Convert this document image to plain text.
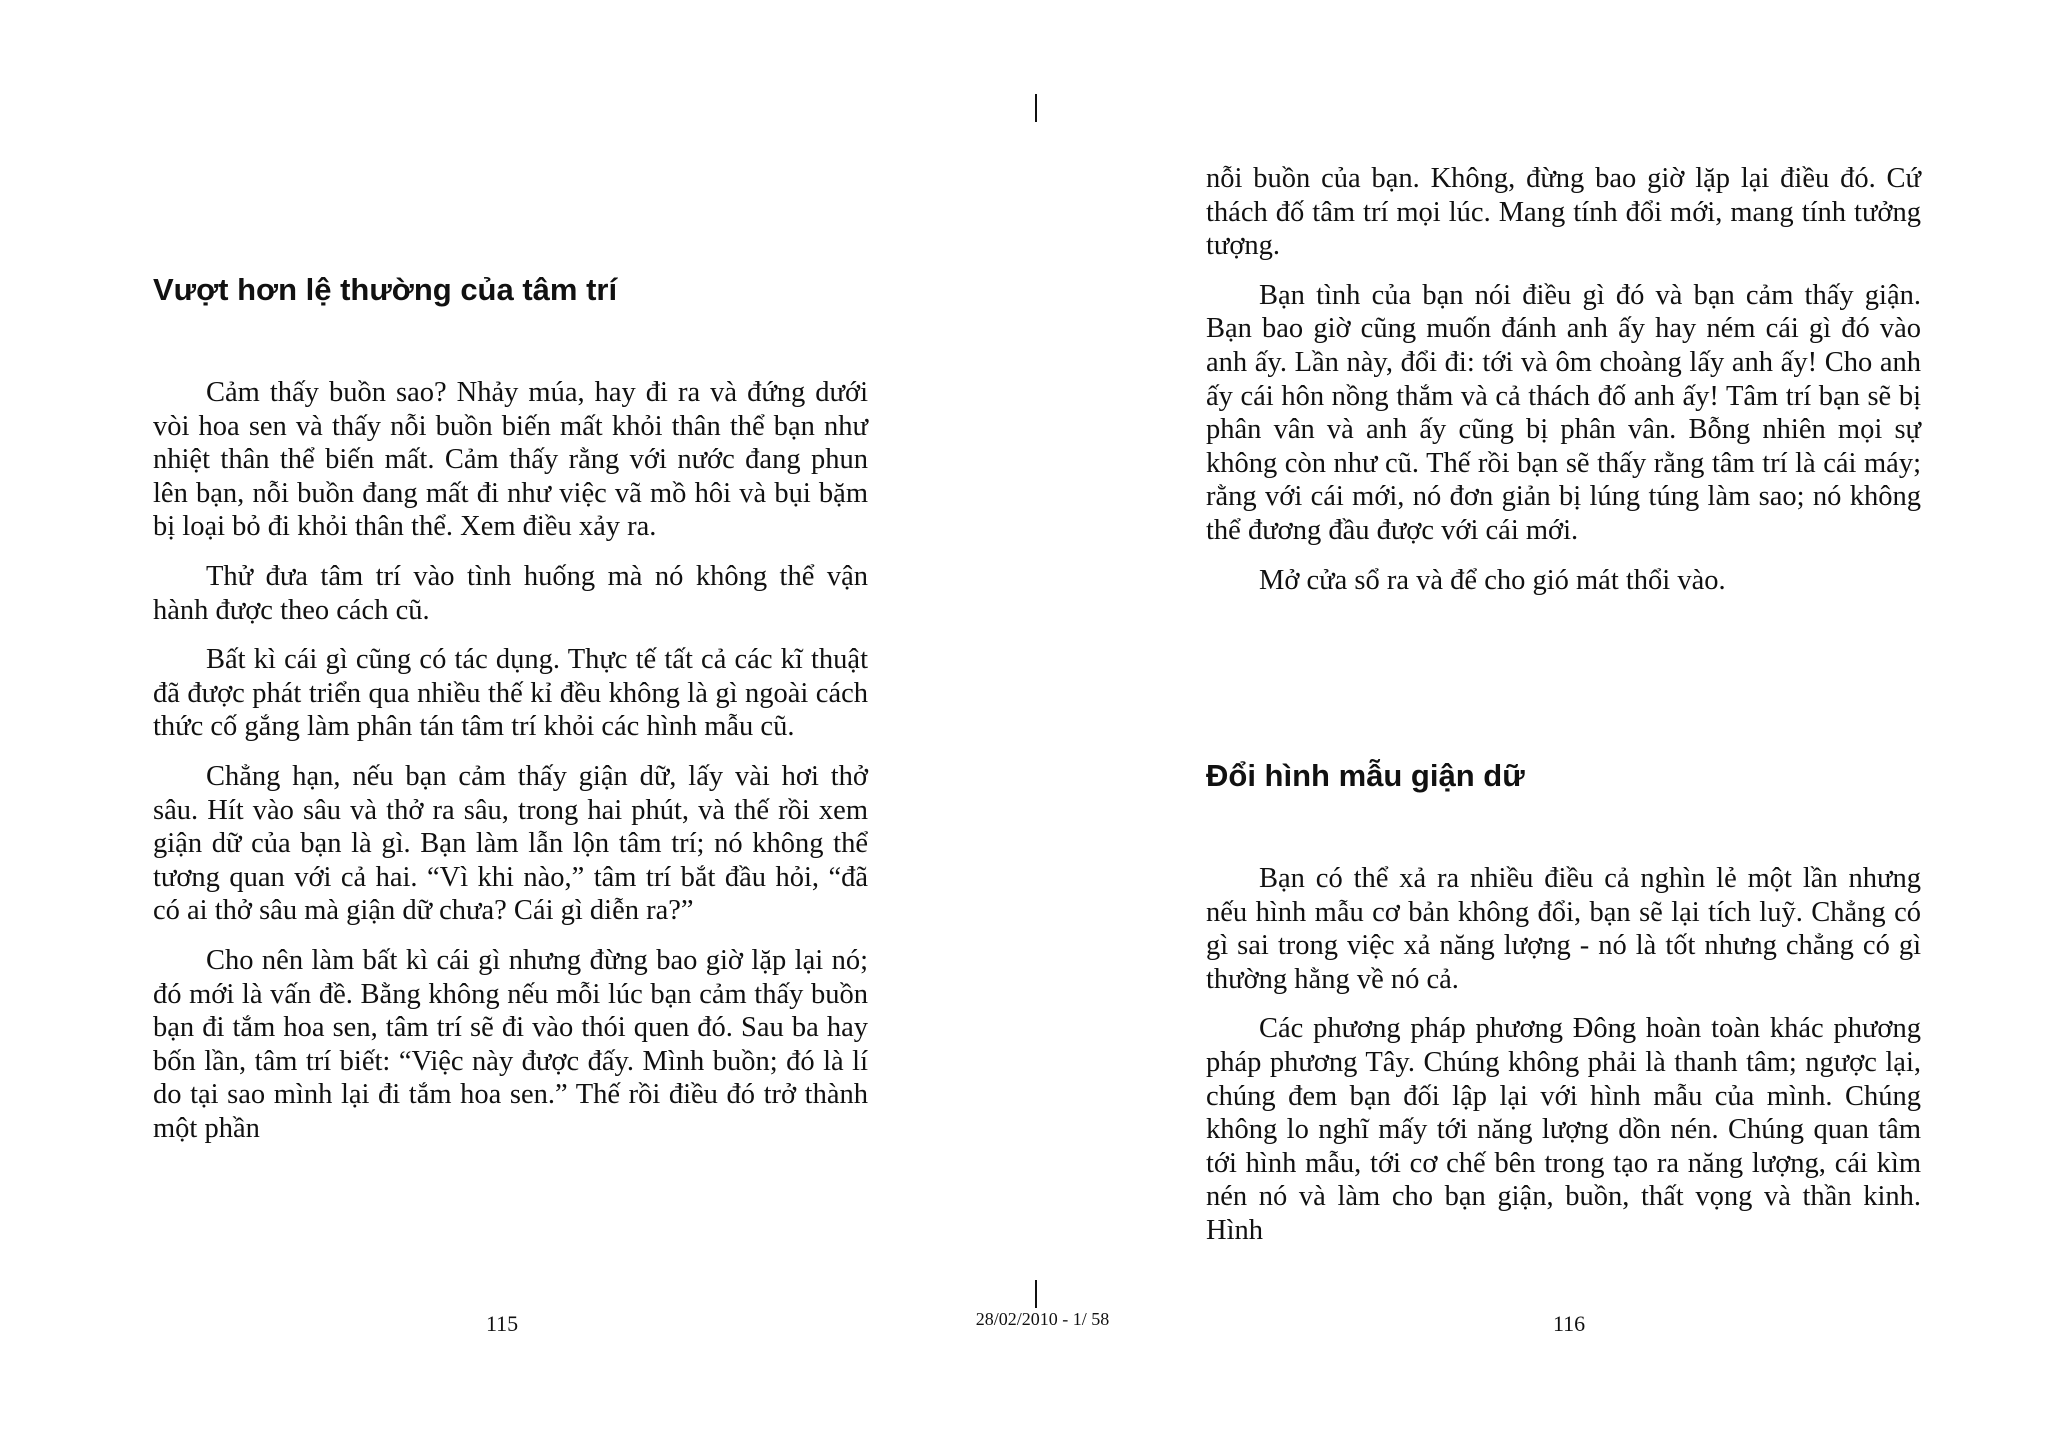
Vượt hơn lệ thường của tâm trí

Cảm thấy buồn sao? Nhảy múa, hay đi ra và đứng dưới vòi hoa sen và thấy nỗi buồn biến mất khỏi thân thể bạn như nhiệt thân thể biến mất. Cảm thấy rằng với nước đang phun lên bạn, nỗi buồn đang mất đi như việc vã mồ hôi và bụi bặm bị loại bỏ đi khỏi thân thể. Xem điều xảy ra.

Thử đưa tâm trí vào tình huống mà nó không thể vận hành được theo cách cũ.

Bất kì cái gì cũng có tác dụng. Thực tế tất cả các kĩ thuật đã được phát triển qua nhiều thế kỉ đều không là gì ngoài cách thức cố gắng làm phân tán tâm trí khỏi các hình mẫu cũ.

Chẳng hạn, nếu bạn cảm thấy giận dữ, lấy vài hơi thở sâu. Hít vào sâu và thở ra sâu, trong hai phút, và thế rồi xem giận dữ của bạn là gì. Bạn làm lẫn lộn tâm trí; nó không thể tương quan với cả hai. “Vì khi nào,” tâm trí bắt đầu hỏi, “đã có ai thở sâu mà giận dữ chưa? Cái gì diễn ra?”

Cho nên làm bất kì cái gì nhưng đừng bao giờ lặp lại nó; đó mới là vấn đề. Bằng không nếu mỗi lúc bạn cảm thấy buồn bạn đi tắm hoa sen, tâm trí sẽ đi vào thói quen đó. Sau ba hay bốn lần, tâm trí biết: “Việc này được đấy. Mình buồn; đó là lí do tại sao mình lại đi tắm hoa sen.” Thế rồi điều đó trở thành một phần

115

nỗi buồn của bạn. Không, đừng bao giờ lặp lại điều đó. Cứ thách đố tâm trí mọi lúc. Mang tính đổi mới, mang tính tưởng tượng.

Bạn tình của bạn nói điều gì đó và bạn cảm thấy giận. Bạn bao giờ cũng muốn đánh anh ấy hay ném cái gì đó vào anh ấy. Lần này, đổi đi: tới và ôm choàng lấy anh ấy! Cho anh ấy cái hôn nồng thắm và cả thách đố anh ấy! Tâm trí bạn sẽ bị phân vân và anh ấy cũng bị phân vân. Bỗng nhiên mọi sự không còn như cũ. Thế rồi bạn sẽ thấy rằng tâm trí là cái máy; rằng với cái mới, nó đơn giản bị lúng túng làm sao; nó không thể đương đầu được với cái mới.

Mở cửa sổ ra và để cho gió mát thổi vào.

Đổi hình mẫu giận dữ

Bạn có thể xả ra nhiều điều cả nghìn lẻ một lần nhưng nếu hình mẫu cơ bản không đổi, bạn sẽ lại tích luỹ. Chẳng có gì sai trong việc xả năng lượng - nó là tốt nhưng chẳng có gì thường hằng về nó cả.

Các phương pháp phương Đông hoàn toàn khác phương pháp phương Tây. Chúng không phải là thanh tâm; ngược lại, chúng đem bạn đối lập lại với hình mẫu của mình. Chúng không lo nghĩ mấy tới năng lượng dồn nén. Chúng quan tâm tới hình mẫu, tới cơ chế bên trong tạo ra năng lượng, cái kìm nén nó và làm cho bạn giận, buồn, thất vọng và thần kinh. Hình

116
28/02/2010 - 1/ 58
